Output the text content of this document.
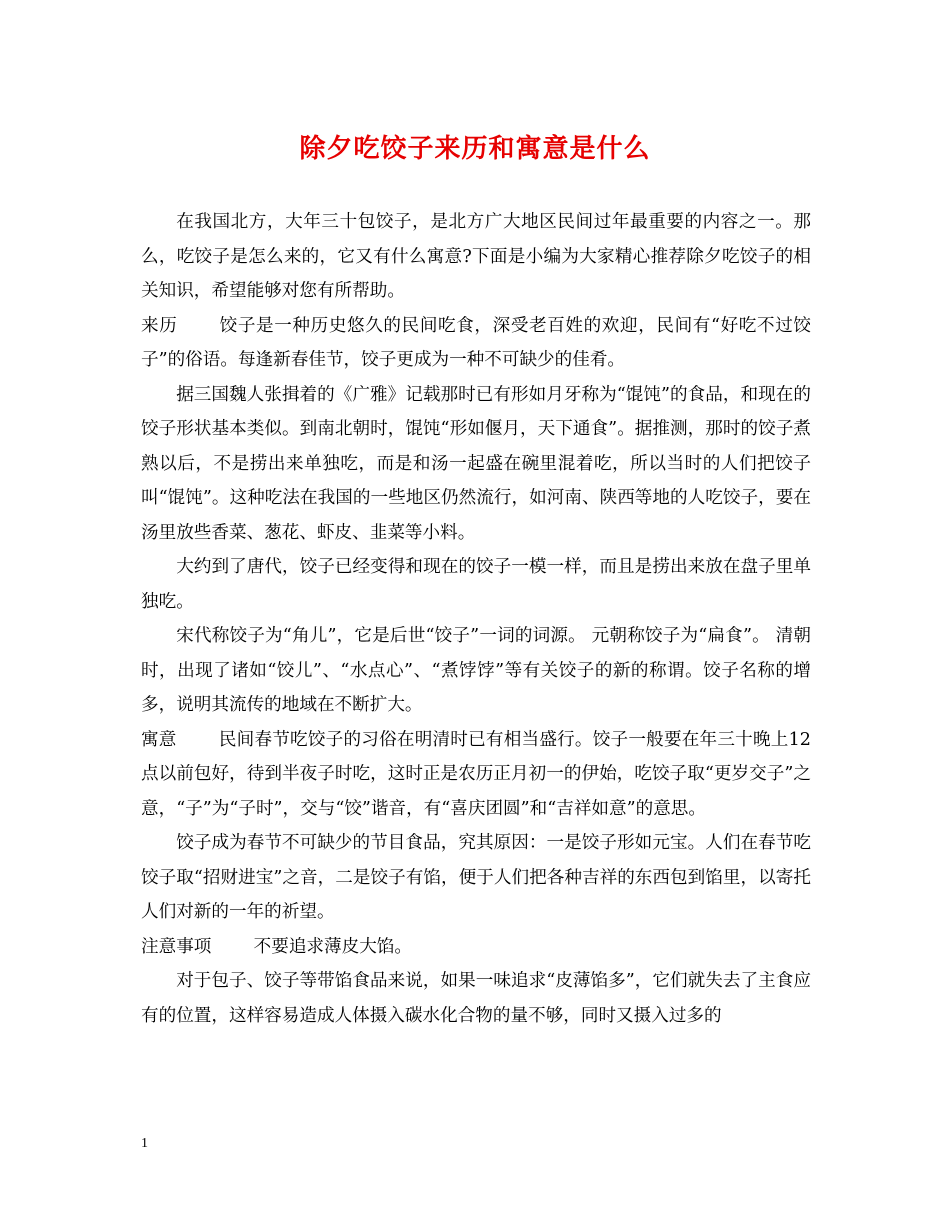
除夕吃饺子来历和寓意是什么

在我国北方，大年三十包饺子，是北方广大地区民间过年最重要的内容之一。那么，吃饺子是怎么来的，它又有什么寓意?下面是小编为大家精心推荐除夕吃饺子的相关知识，希望能够对您有所帮助。

来历 饺子是一种历史悠久的民间吃食，深受老百姓的欢迎，民间有“好吃不过饺子”的俗语。每逢新春佳节，饺子更成为一种不可缺少的佳肴。

据三国魏人张揖着的《广雅》记载那时已有形如月牙称为“馄饨”的食品，和现在的饺子形状基本类似。到南北朝时，馄饨“形如偃月，天下通食”。据推测，那时的饺子煮熟以后，不是捞出来单独吃，而是和汤一起盛在碗里混着吃，所以当时的人们把饺子叫“馄饨”。这种吃法在我国的一些地区仍然流行，如河南、陕西等地的人吃饺子，要在汤里放些香菜、葱花、虾皮、韭菜等小料。

大约到了唐代，饺子已经变得和现在的饺子一模一样，而且是捞出来放在盘子里单独吃。

宋代称饺子为“角儿”，它是后世“饺子”一词的词源。 元朝称饺子为“扁食”。 清朝时，出现了诸如“饺儿”、“水点心”、“煮饽饽”等有关饺子的新的称谓。饺子名称的增多，说明其流传的地域在不断扩大。

寓意 民间春节吃饺子的习俗在明清时已有相当盛行。饺子一般要在年三十晚上12点以前包好，待到半夜子时吃，这时正是农历正月初一的伊始，吃饺子取“更岁交子”之意，“子”为“子时”，交与“饺”谐音，有“喜庆团圆”和“吉祥如意”的意思。

饺子成为春节不可缺少的节目食品，究其原因：一是饺子形如元宝。人们在春节吃饺子取“招财进宝”之音，二是饺子有馅，便于人们把各种吉祥的东西包到馅里，以寄托人们对新的一年的祈望。

注意事项 不要追求薄皮大馅。

对于包子、饺子等带馅食品来说，如果一味追求“皮薄馅多”，它们就失去了主食应有的位置，这样容易造成人体摄入碳水化合物的量不够，同时又摄入过多的

1
